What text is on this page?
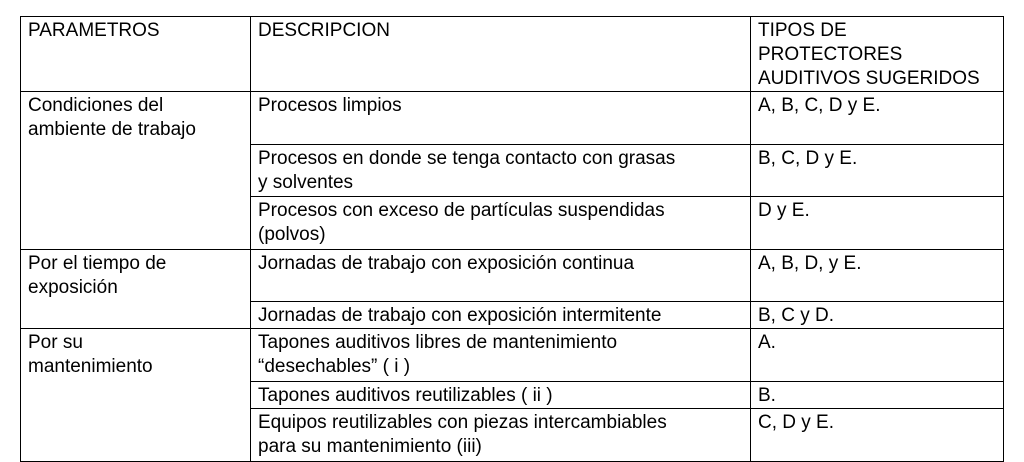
PARAMETROS	DESCRIPCION	TIPOS DE PROTECTORES
AUDITIVOS SUGERIDOS
Condiciones del
ambiente de trabajo	Procesos limpios	A, B, C, D y E.
	Procesos en donde se tenga contacto con grasas
y solventes	B, C, D y E.
	Procesos con exceso de partículas suspendidas
(polvos)	D y E.
Por el tiempo de
exposición	Jornadas de trabajo con exposición continua	A, B, D, y E.
	Jornadas de trabajo con exposición intermitente	B, C y D.
Por su
mantenimiento	Tapones auditivos libres de mantenimiento
“desechables” ( i )	A.
	Tapones auditivos reutilizables ( ii )	B.
	Equipos reutilizables con piezas intercambiables
para su mantenimiento (iii)	C, D y E.
